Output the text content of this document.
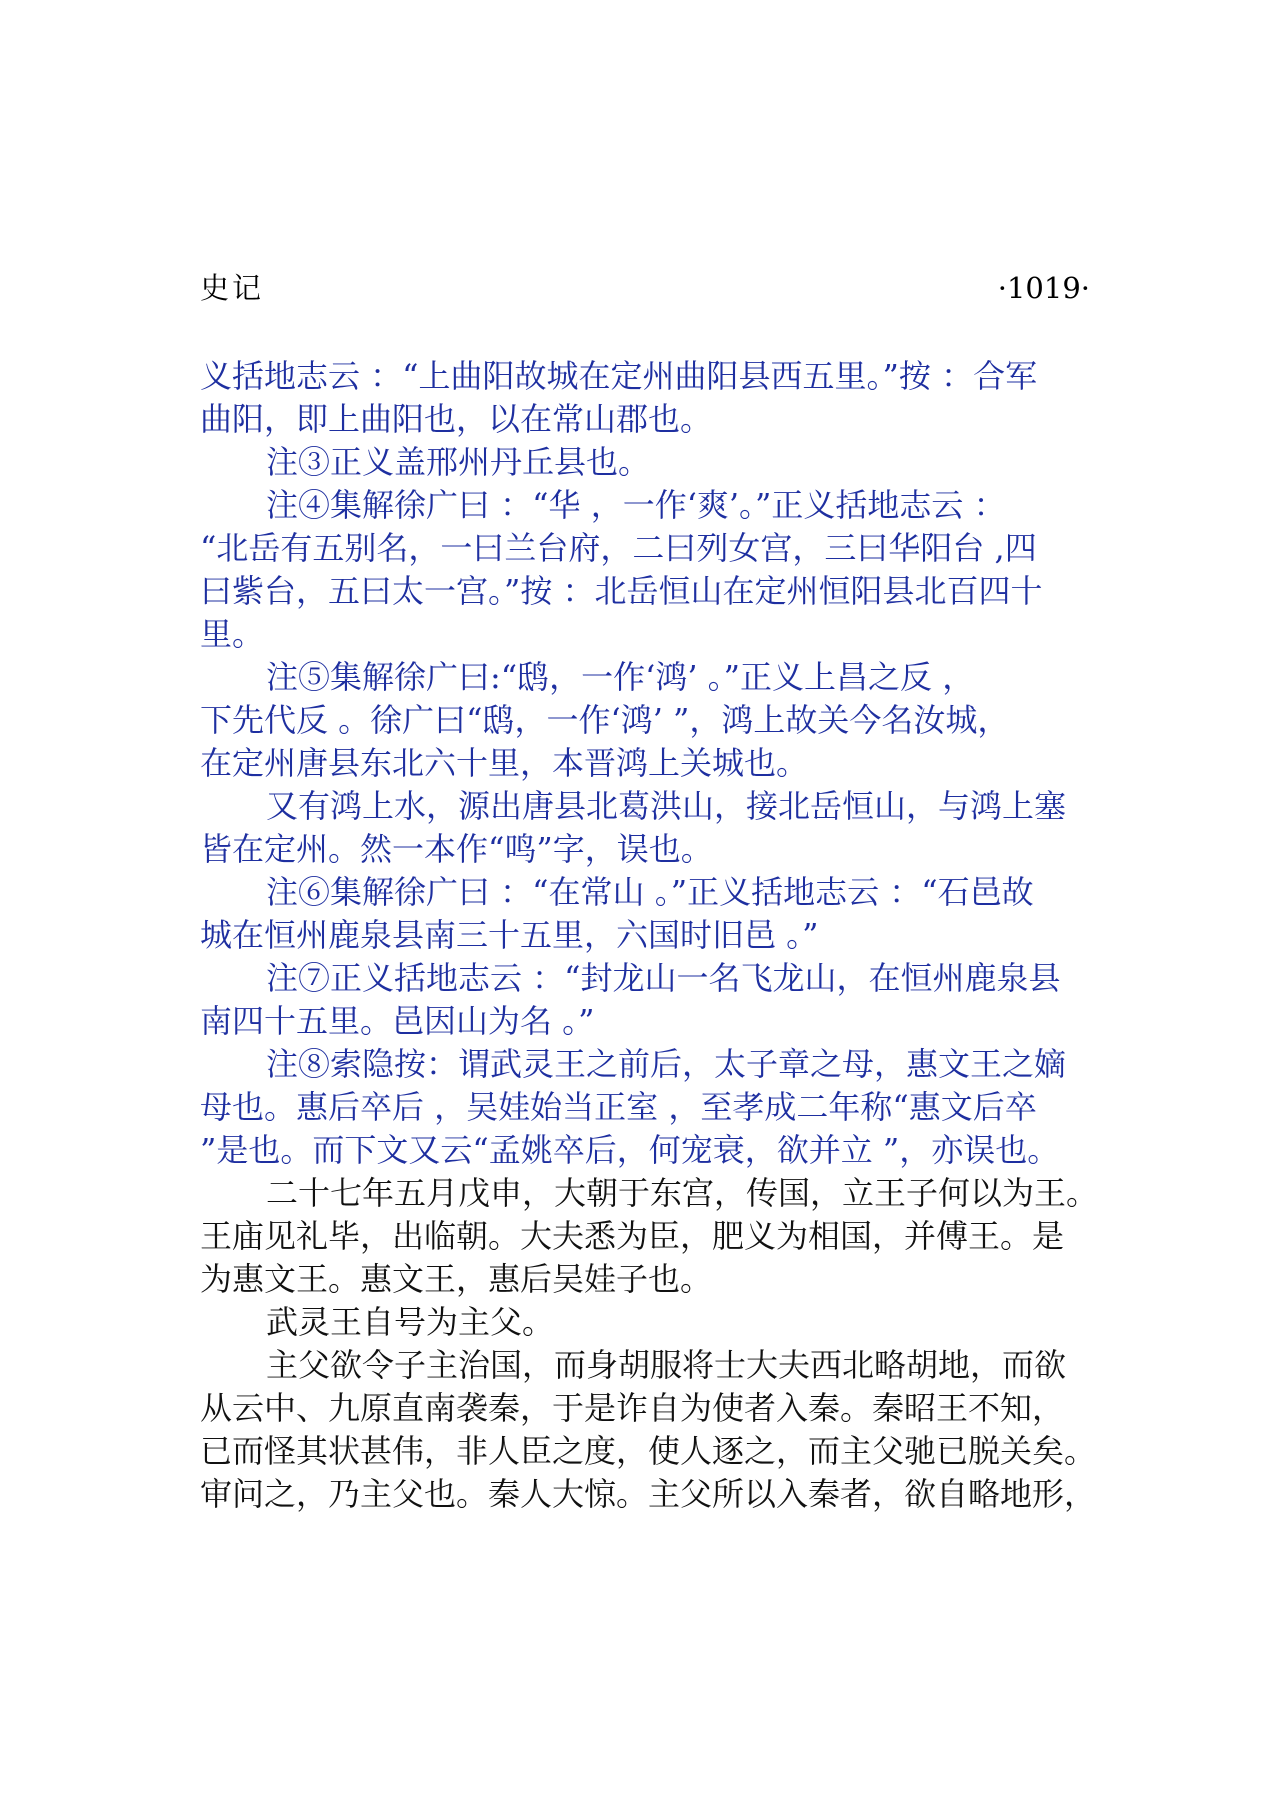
史记	·1019·
义括地志云 ：“上曲阳故城在定州曲阳县西五里。”按 ：合军
曲阳，即上曲阳也，以在常山郡也。
注③正义盖邢州丹丘县也。
注④集解徐广曰 ：“华 ，一作‘爽’。”正义括地志云 ：
“北岳有五别名，一曰兰台府，二曰列女宫，三曰华阳台 ,四
曰紫台，五曰太一宫。”按 ：北岳恒山在定州恒阳县北百四十
里。
注⑤集解徐广曰:“鸱，一作‘鸿’ 。”正义上昌之反 ，
下先代反 。徐广曰“鸱，一作‘鸿’ ”，鸿上故关今名汝城，
在定州唐县东北六十里，本晋鸿上关城也。
又有鸿上水，源出唐县北葛洪山，接北岳恒山，与鸿上塞
皆在定州。然一本作“鸣”字，误也。
注⑥集解徐广曰 ：“在常山 。”正义括地志云 ：“石邑故
城在恒州鹿泉县南三十五里，六国时旧邑 。”
注⑦正义括地志云 ：“封龙山一名飞龙山，在恒州鹿泉县
南四十五里。邑因山为名 。”
注⑧索隐按：谓武灵王之前后，太子章之母，惠文王之嫡
母也。惠后卒后 ，吴娃始当正室 ，至孝成二年称“惠文后卒
”是也。而下文又云“孟姚卒后，何宠衰，欲并立 ”，亦误也。
二十七年五月戊申，大朝于东宫，传国，立王子何以为王。
王庙见礼毕，出临朝。大夫悉为臣，肥义为相国，并傅王。是
为惠文王。惠文王，惠后吴娃子也。
武灵王自号为主父。
主父欲令子主治国，而身胡服将士大夫西北略胡地，而欲
从云中、九原直南袭秦，于是诈自为使者入秦。秦昭王不知，
已而怪其状甚伟，非人臣之度，使人逐之，而主父驰已脱关矣。
审问之，乃主父也。秦人大惊。主父所以入秦者，欲自略地形，
